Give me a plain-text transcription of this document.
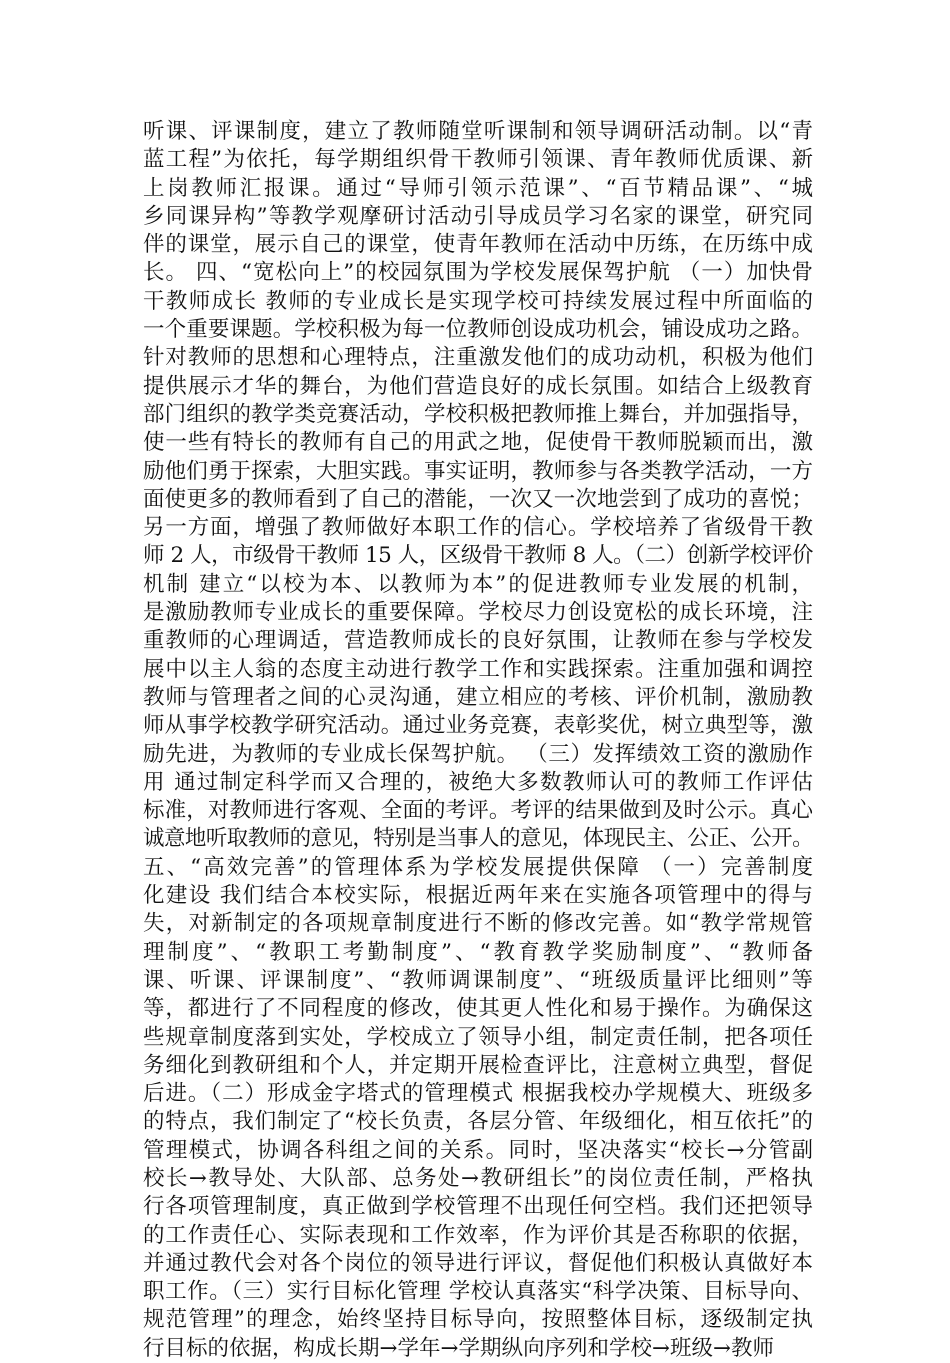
听课、评课制度，建立了教师随堂听课制和领导调研活动制。以“青
蓝工程”为依托，每学期组织骨干教师引领课、青年教师优质课、新
上岗教师汇报课。通过“导师引领示范课”、“百节精品课”、“城
乡同课异构”等教学观摩研讨活动引导成员学习名家的课堂，研究同
伴的课堂，展示自己的课堂，使青年教师在活动中历练，在历练中成
长。 四、“宽松向上”的校园氛围为学校发展保驾护航 （一）加快骨
干教师成长 教师的专业成长是实现学校可持续发展过程中所面临的
一个重要课题。学校积极为每一位教师创设成功机会，铺设成功之路。
针对教师的思想和心理特点，注重激发他们的成功动机，积极为他们
提供展示才华的舞台，为他们营造良好的成长氛围。如结合上级教育
部门组织的教学类竞赛活动，学校积极把教师推上舞台，并加强指导，
使一些有特长的教师有自己的用武之地，促使骨干教师脱颖而出，激
励他们勇于探索，大胆实践。事实证明，教师参与各类教学活动，一方
面使更多的教师看到了自己的潜能，一次又一次地尝到了成功的喜悦；
另一方面，增强了教师做好本职工作的信心。学校培养了省级骨干教
师 2 人，市级骨干教师 15 人，区级骨干教师 8 人。（二）创新学校评价
机制 建立“以校为本、以教师为本”的促进教师专业发展的机制，
是激励教师专业成长的重要保障。学校尽力创设宽松的成长环境，注
重教师的心理调适，营造教师成长的良好氛围，让教师在参与学校发
展中以主人翁的态度主动进行教学工作和实践探索。注重加强和调控
教师与管理者之间的心灵沟通，建立相应的考核、评价机制，激励教
师从事学校教学研究活动。通过业务竞赛，表彰奖优，树立典型等，激
励先进，为教师的专业成长保驾护航。 （三）发挥绩效工资的激励作
用 通过制定科学而又合理的，被绝大多数教师认可的教师工作评估
标准，对教师进行客观、全面的考评。考评的结果做到及时公示。真心
诚意地听取教师的意见，特别是当事人的意见，体现民主、公正、公开。
五、“高效完善”的管理体系为学校发展提供保障 （一）完善制度
化建设 我们结合本校实际，根据近两年来在实施各项管理中的得与
失，对新制定的各项规章制度进行不断的修改完善。如“教学常规管
理制度”、“教职工考勤制度”、“教育教学奖励制度”、“教师备
课、听课、评课制度”、“教师调课制度”、“班级质量评比细则”等
等，都进行了不同程度的修改，使其更人性化和易于操作。为确保这
些规章制度落到实处，学校成立了领导小组，制定责任制，把各项任
务细化到教研组和个人，并定期开展检查评比，注意树立典型，督促
后进。（二）形成金字塔式的管理模式 根据我校办学规模大、班级多
的特点，我们制定了“校长负责，各层分管、年级细化，相互依托”的
管理模式，协调各科组之间的关系。同时，坚决落实“校长→分管副
校长→教导处、大队部、总务处→教研组长”的岗位责任制，严格执
行各项管理制度，真正做到学校管理不出现任何空档。我们还把领导
的工作责任心、实际表现和工作效率，作为评价其是否称职的依据，
并通过教代会对各个岗位的领导进行评议，督促他们积极认真做好本
职工作。（三）实行目标化管理 学校认真落实“科学决策、目标导向、
规范管理”的理念，始终坚持目标导向，按照整体目标，逐级制定执
行目标的依据，构成长期→学年→学期纵向序列和学校→班级→教师
